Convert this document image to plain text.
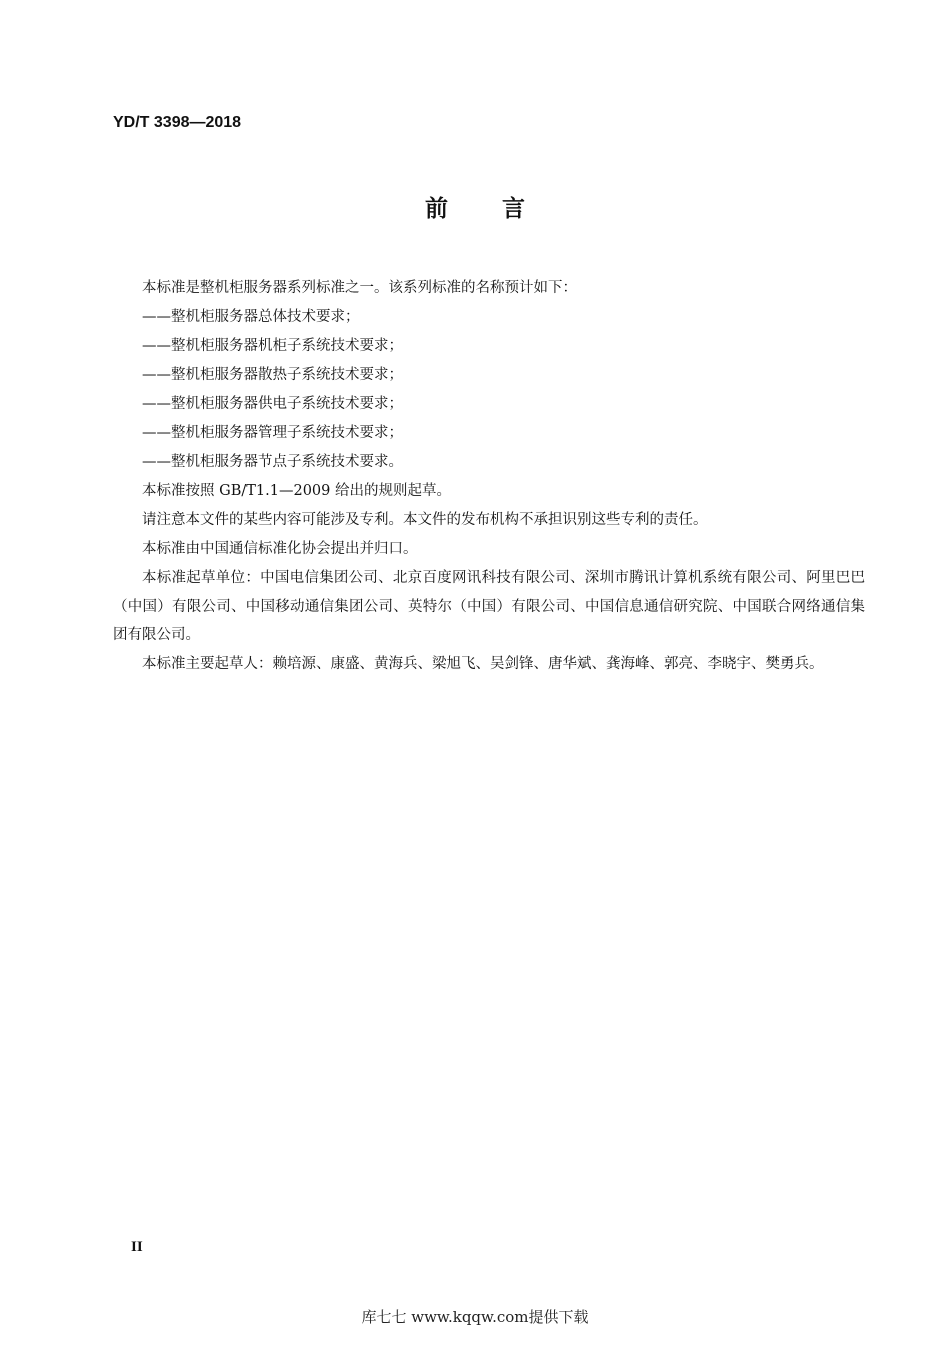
YD/T 3398—2018
前言

本标准是整机柜服务器系列标准之一。该系列标准的名称预计如下：

——整机柜服务器总体技术要求；

——整机柜服务器机柜子系统技术要求；

——整机柜服务器散热子系统技术要求；

——整机柜服务器供电子系统技术要求；

——整机柜服务器管理子系统技术要求；

——整机柜服务器节点子系统技术要求。

本标准按照 GB/T1.1—2009 给出的规则起草。

请注意本文件的某些内容可能涉及专利。本文件的发布机构不承担识别这些专利的责任。

本标准由中国通信标准化协会提出并归口。

本标准起草单位：中国电信集团公司、北京百度网讯科技有限公司、深圳市腾讯计算机系统有限公司、阿里巴巴（中国）有限公司、中国移动通信集团公司、英特尔（中国）有限公司、中国信息通信研究院、中国联合网络通信集团有限公司。

本标准主要起草人：赖培源、康盛、黄海兵、梁旭飞、吴剑锋、唐华斌、龚海峰、郭亮、李晓宇、樊勇兵。

II
库七七 www.kqqw.com提供下载
